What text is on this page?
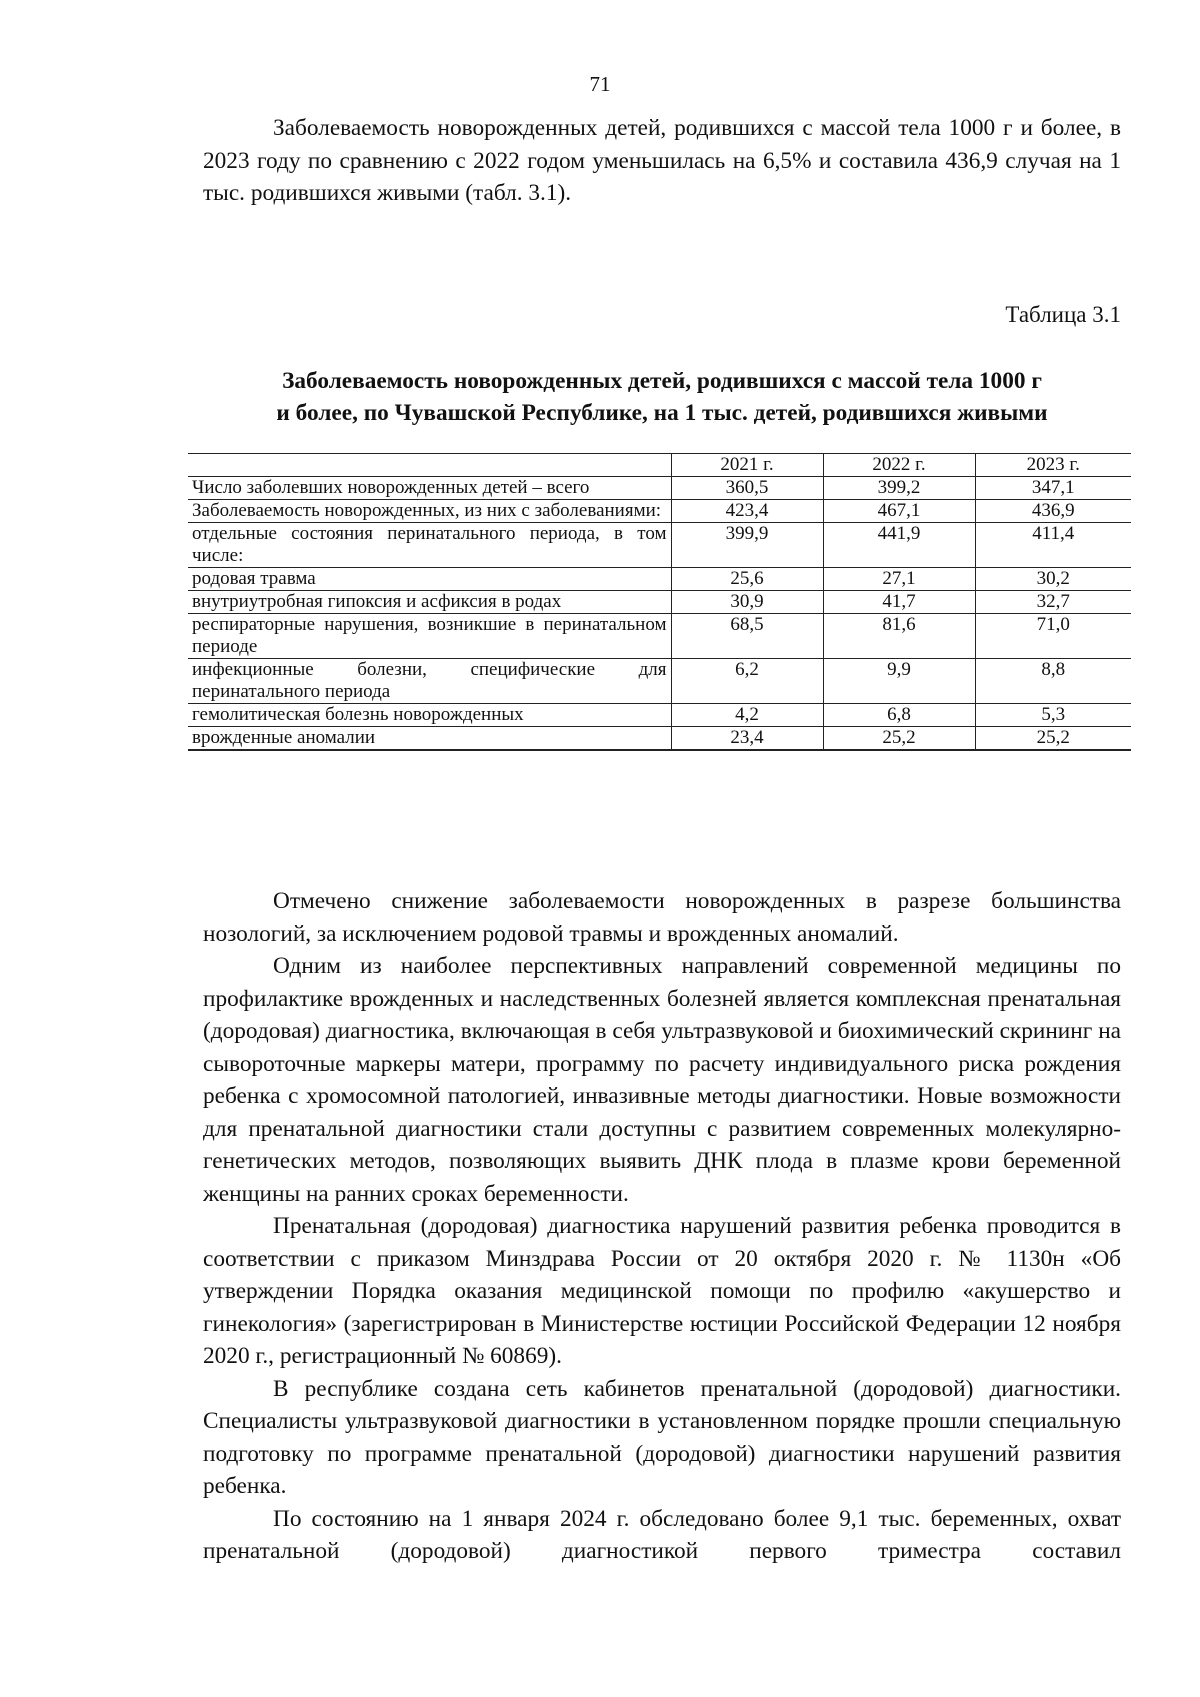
71

Заболеваемость новорожденных детей, родившихся с массой тела 1000 г и более, в 2023 году по сравнению с 2022 годом уменьшилась на 6,5% и составила 436,9 случая на 1 тыс. родившихся живыми (табл. 3.1).

Таблица 3.1
Заболеваемость новорожденных детей, родившихся с массой тела 1000 г
и более, по Чувашской Республике, на 1 тыс. детей, родившихся живыми
	2021 г.	2022 г.	2023 г.
Число заболевших новорожденных детей – всего	360,5	399,2	347,1
Заболеваемость новорожденных, из них с заболеваниями:	423,4	467,1	436,9
отдельные состояния перинатального периода, в том числе:	399,9	441,9	411,4
родовая травма	25,6	27,1	30,2
внутриутробная гипоксия и асфиксия в родах	30,9	41,7	32,7
респираторные нарушения, возникшие в перинатальном периоде	68,5	81,6	71,0
инфекционные болезни, специфические для перинатального периода	6,2	9,9	8,8
гемолитическая болезнь новорожденных	4,2	6,8	5,3
врожденные аномалии	23,4	25,2	25,2

Отмечено снижение заболеваемости новорожденных в разрезе большинства нозологий, за исключением родовой травмы и врожденных аномалий.

Одним из наиболее перспективных направлений современной медицины по профилактике врожденных и наследственных болезней является комплексная пренатальная (дородовая) диагностика, включающая в себя ультразвуковой и биохимический скрининг на сывороточные маркеры матери, программу по расчету индивидуального риска рождения ребенка с хромосомной патологией, инвазивные методы диагностики. Новые возможности для пренатальной диагностики стали доступны с развитием современных молекулярно-генетических методов, позволяющих выявить ДНК плода в плазме крови беременной женщины на ранних сроках беременности.

Пренатальная (дородовая) диагностика нарушений развития ребенка проводится в соответствии с приказом Минздрава России от 20 октября 2020 г. № 1130н «Об утверждении Порядка оказания медицинской помощи по профилю «акушерство и гинекология» (зарегистрирован в Министерстве юстиции Российской Федерации 12 ноября 2020 г., регистрационный № 60869).

В республике создана сеть кабинетов пренатальной (дородовой) диагностики. Специалисты ультразвуковой диагностики в установленном порядке прошли специальную подготовку по программе пренатальной (дородовой) диагностики нарушений развития ребенка.

По состоянию на 1 января 2024 г. обследовано более 9,1 тыс. беременных, охват пренатальной (дородовой) диагностикой первого триместра составил
